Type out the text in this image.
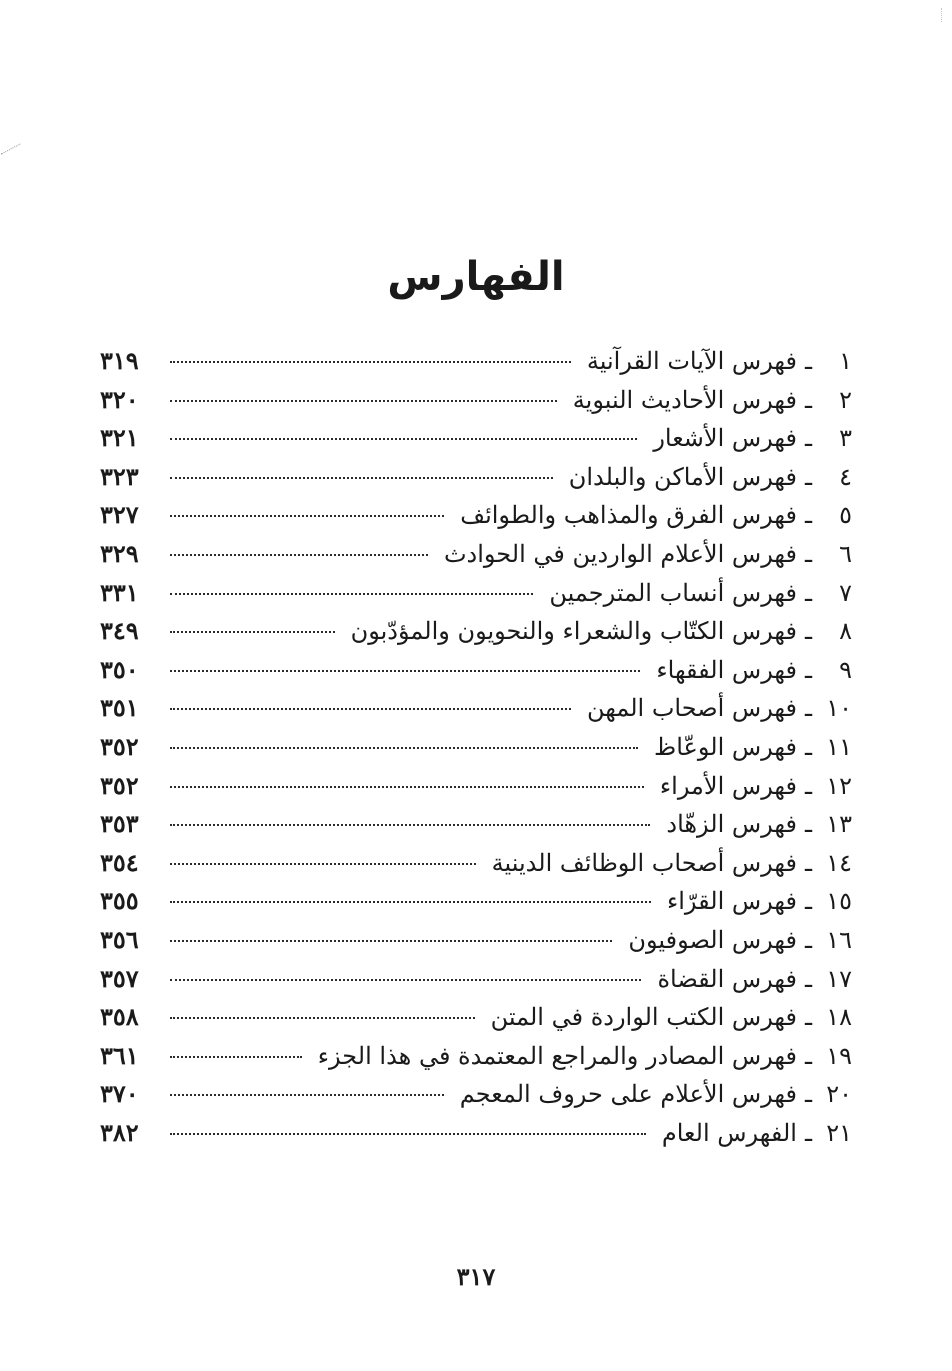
الفهارس
١
ـ
فهرس الآيات القرآنية
٣١٩
٢
ـ
فهرس الأحاديث النبوية
٣٢٠
٣
ـ
فهرس الأشعار
٣٢١
٤
ـ
فهرس الأماكن والبلدان
٣٢٣
٥
ـ
فهرس الفرق والمذاهب والطوائف
٣٢٧
٦
ـ
فهرس الأعلام الواردين في الحوادث
٣٢٩
٧
ـ
فهرس أنساب المترجمين
٣٣١
٨
ـ
فهرس الكتّاب والشعراء والنحويون والمؤدّبون
٣٤٩
٩
ـ
فهرس الفقهاء
٣٥٠
١٠
ـ
فهرس أصحاب المهن
٣٥١
١١
ـ
فهرس الوعّاظ
٣٥٢
١٢
ـ
فهرس الأمراء
٣٥٢
١٣
ـ
فهرس الزهّاد
٣٥٣
١٤
ـ
فهرس أصحاب الوظائف الدينية
٣٥٤
١٥
ـ
فهرس القرّاء
٣٥٥
١٦
ـ
فهرس الصوفيون
٣٥٦
١٧
ـ
فهرس القضاة
٣٥٧
١٨
ـ
فهرس الكتب الواردة في المتن
٣٥٨
١٩
ـ
فهرس المصادر والمراجع المعتمدة في هذا الجزء
٣٦١
٢٠
ـ
فهرس الأعلام على حروف المعجم
٣٧٠
٢١
ـ
الفهرس العام
٣٨٢
٣١٧
